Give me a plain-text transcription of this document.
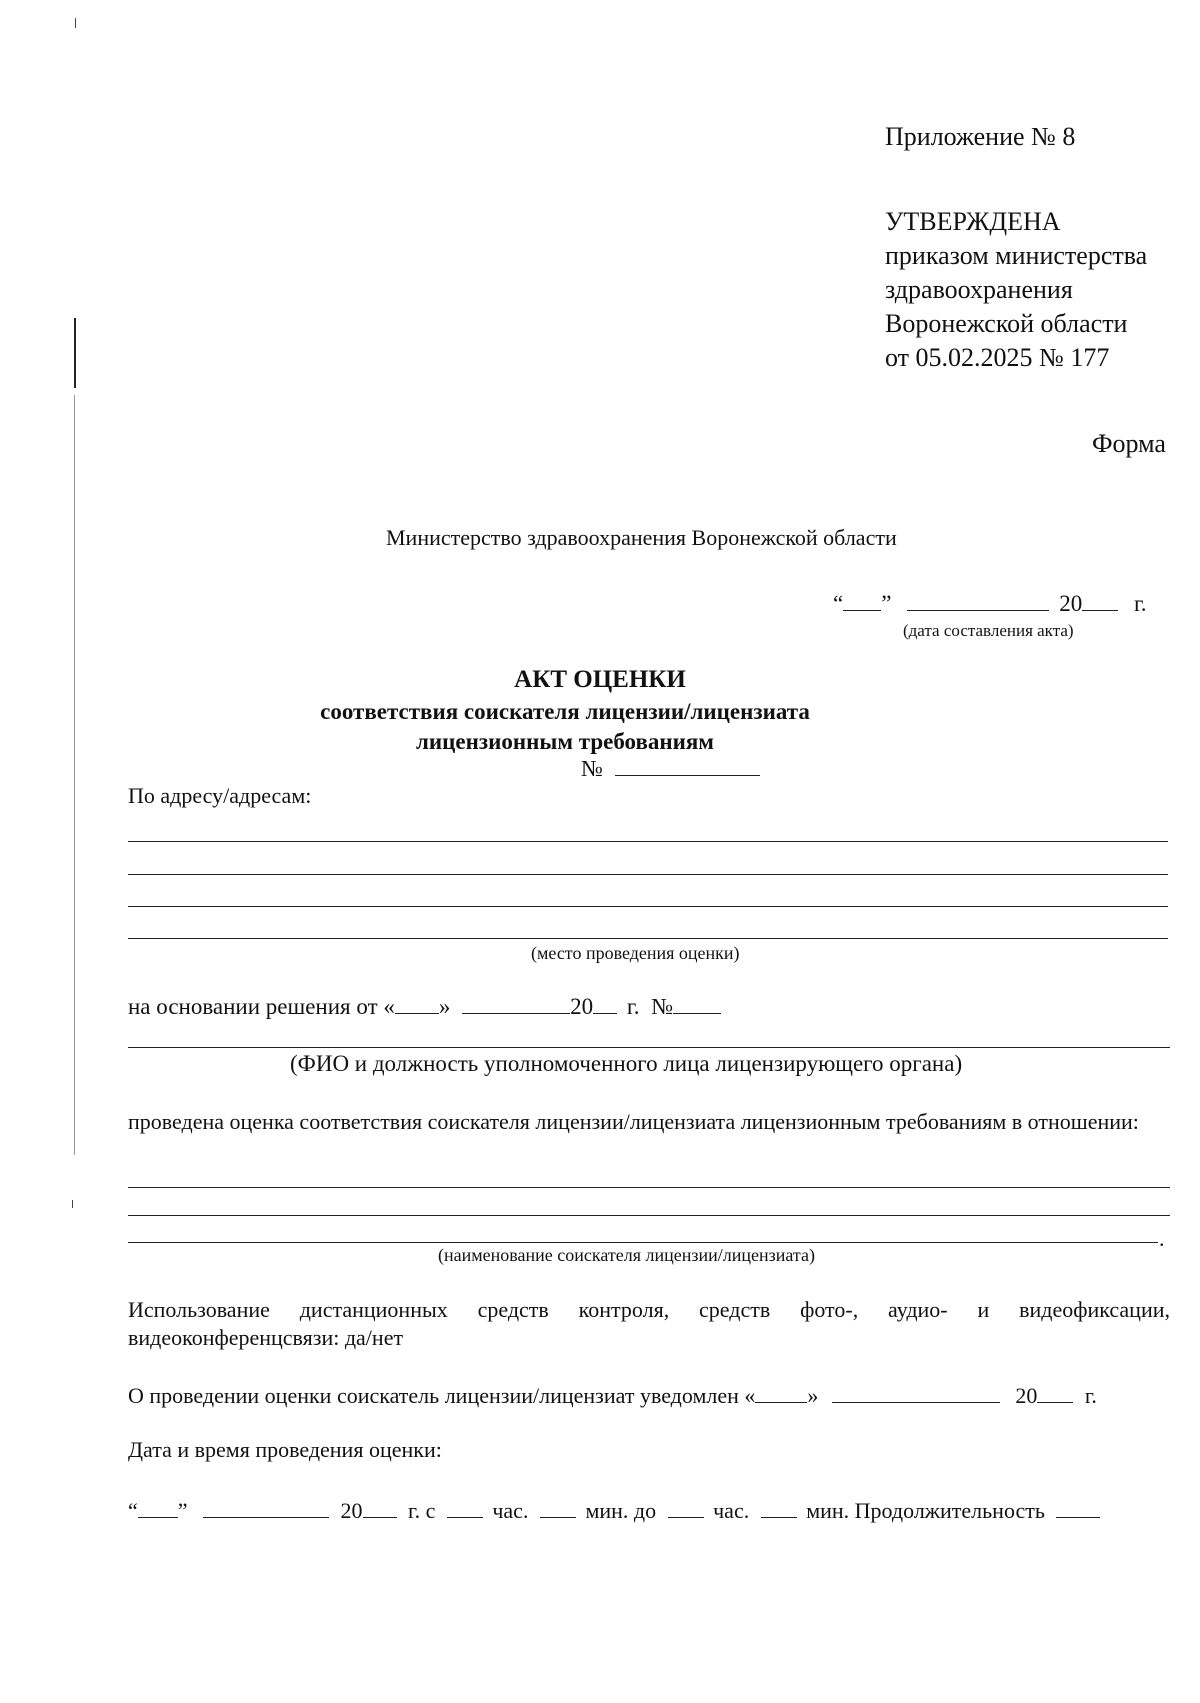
Приложение № 8
УТВЕРЖДЕНА
приказом министерства
здравоохранения
Воронежской области
от 05.02.2025 № 177
Форма
Министерство здравоохранения Воронежской области
“ ”	20 г.
(дата составления акта)
АКТ ОЦЕНКИ
соответствия соискателя лицензии/лицензиата
лицензионным требованиям
№
По адресу/адресам:
(место проведения оценки)
на основании решения от « »	20 г. №
(ФИО и должность уполномоченного лица лицензирующего органа)
проведена оценка соответствия соискателя лицензии/лицензиата лицензионным требованиям в отношении:
.
(наименование соискателя лицензии/лицензиата)
Использование дистанционных средств контроля, средств фото-, аудио- и видеофиксации, видеоконференцсвязи: да/нет
О проведении оценки соискатель лицензии/лицензиат уведомлен « »	20 г.
Дата и время проведения оценки:
“ ”	20 г. с	час.	мин. до	час.	мин. Продолжительность
